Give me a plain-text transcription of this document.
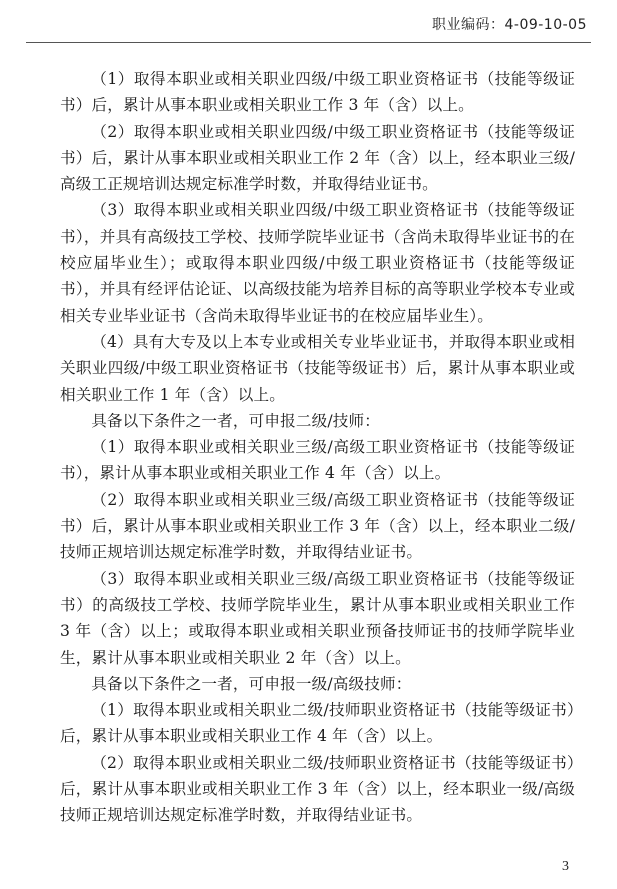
职业编码：4-09-10-05

（1）取得本职业或相关职业四级/中级工职业资格证书（技能等级证书）后，累计从事本职业或相关职业工作 3 年（含）以上。

（2）取得本职业或相关职业四级/中级工职业资格证书（技能等级证书）后，累计从事本职业或相关职业工作 2 年（含）以上，经本职业三级/高级工正规培训达规定标准学时数，并取得结业证书。

（3）取得本职业或相关职业四级/中级工职业资格证书（技能等级证书），并具有高级技工学校、技师学院毕业证书（含尚未取得毕业证书的在校应届毕业生）；或取得本职业四级/中级工职业资格证书（技能等级证书），并具有经评估论证、以高级技能为培养目标的高等职业学校本专业或相关专业毕业证书（含尚未取得毕业证书的在校应届毕业生）。

（4）具有大专及以上本专业或相关专业毕业证书，并取得本职业或相关职业四级/中级工职业资格证书（技能等级证书）后，累计从事本职业或相关职业工作 1 年（含）以上。

具备以下条件之一者，可申报二级/技师：

（1）取得本职业或相关职业三级/高级工职业资格证书（技能等级证书），累计从事本职业或相关职业工作 4 年（含）以上。

（2）取得本职业或相关职业三级/高级工职业资格证书（技能等级证书）后，累计从事本职业或相关职业工作 3 年（含）以上，经本职业二级/技师正规培训达规定标准学时数，并取得结业证书。

（3）取得本职业或相关职业三级/高级工职业资格证书（技能等级证书）的高级技工学校、技师学院毕业生，累计从事本职业或相关职业工作 3 年（含）以上；或取得本职业或相关职业预备技师证书的技师学院毕业生，累计从事本职业或相关职业 2 年（含）以上。

具备以下条件之一者，可申报一级/高级技师：

（1）取得本职业或相关职业二级/技师职业资格证书（技能等级证书）后，累计从事本职业或相关职业工作 4 年（含）以上。

（2）取得本职业或相关职业二级/技师职业资格证书（技能等级证书）后，累计从事本职业或相关职业工作 3 年（含）以上，经本职业一级/高级技师正规培训达规定标准学时数，并取得结业证书。

3
